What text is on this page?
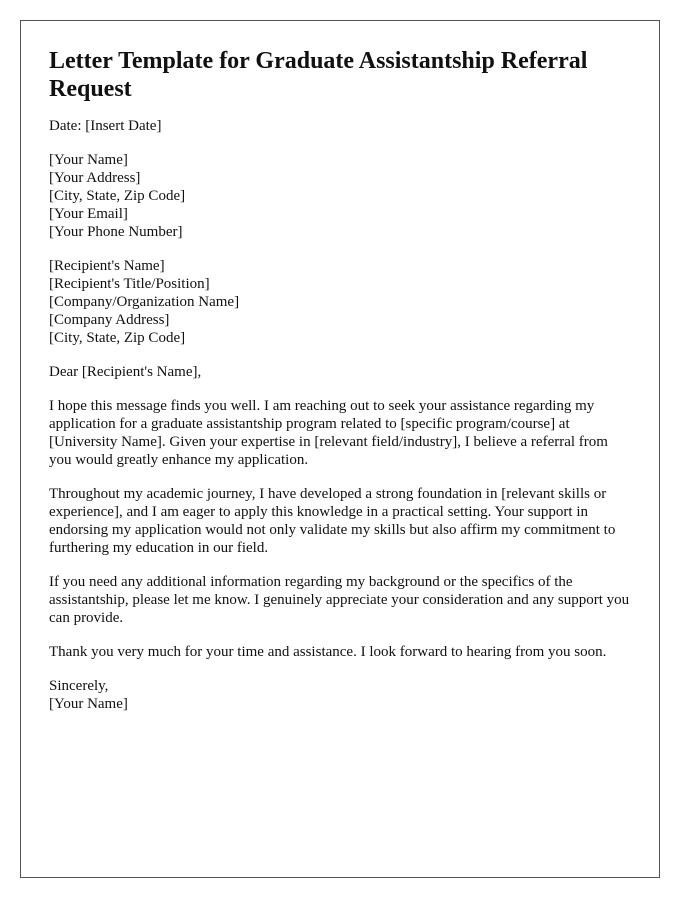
Letter Template for Graduate Assistantship Referral Request
Date: [Insert Date]
[Your Name]
[Your Address]
[City, State, Zip Code]
[Your Email]
[Your Phone Number]
[Recipient's Name]
[Recipient's Title/Position]
[Company/Organization Name]
[Company Address]
[City, State, Zip Code]

Dear [Recipient's Name],

I hope this message finds you well. I am reaching out to seek your assistance regarding my application for a graduate assistantship program related to [specific program/course] at [University Name]. Given your expertise in [relevant field/industry], I believe a referral from you would greatly enhance my application.

Throughout my academic journey, I have developed a strong foundation in [relevant skills or experience], and I am eager to apply this knowledge in a practical setting. Your support in endorsing my application would not only validate my skills but also affirm my commitment to furthering my education in our field.

If you need any additional information regarding my background or the specifics of the assistantship, please let me know. I genuinely appreciate your consideration and any support you can provide.

Thank you very much for your time and assistance. I look forward to hearing from you soon.

Sincerely,
[Your Name]
